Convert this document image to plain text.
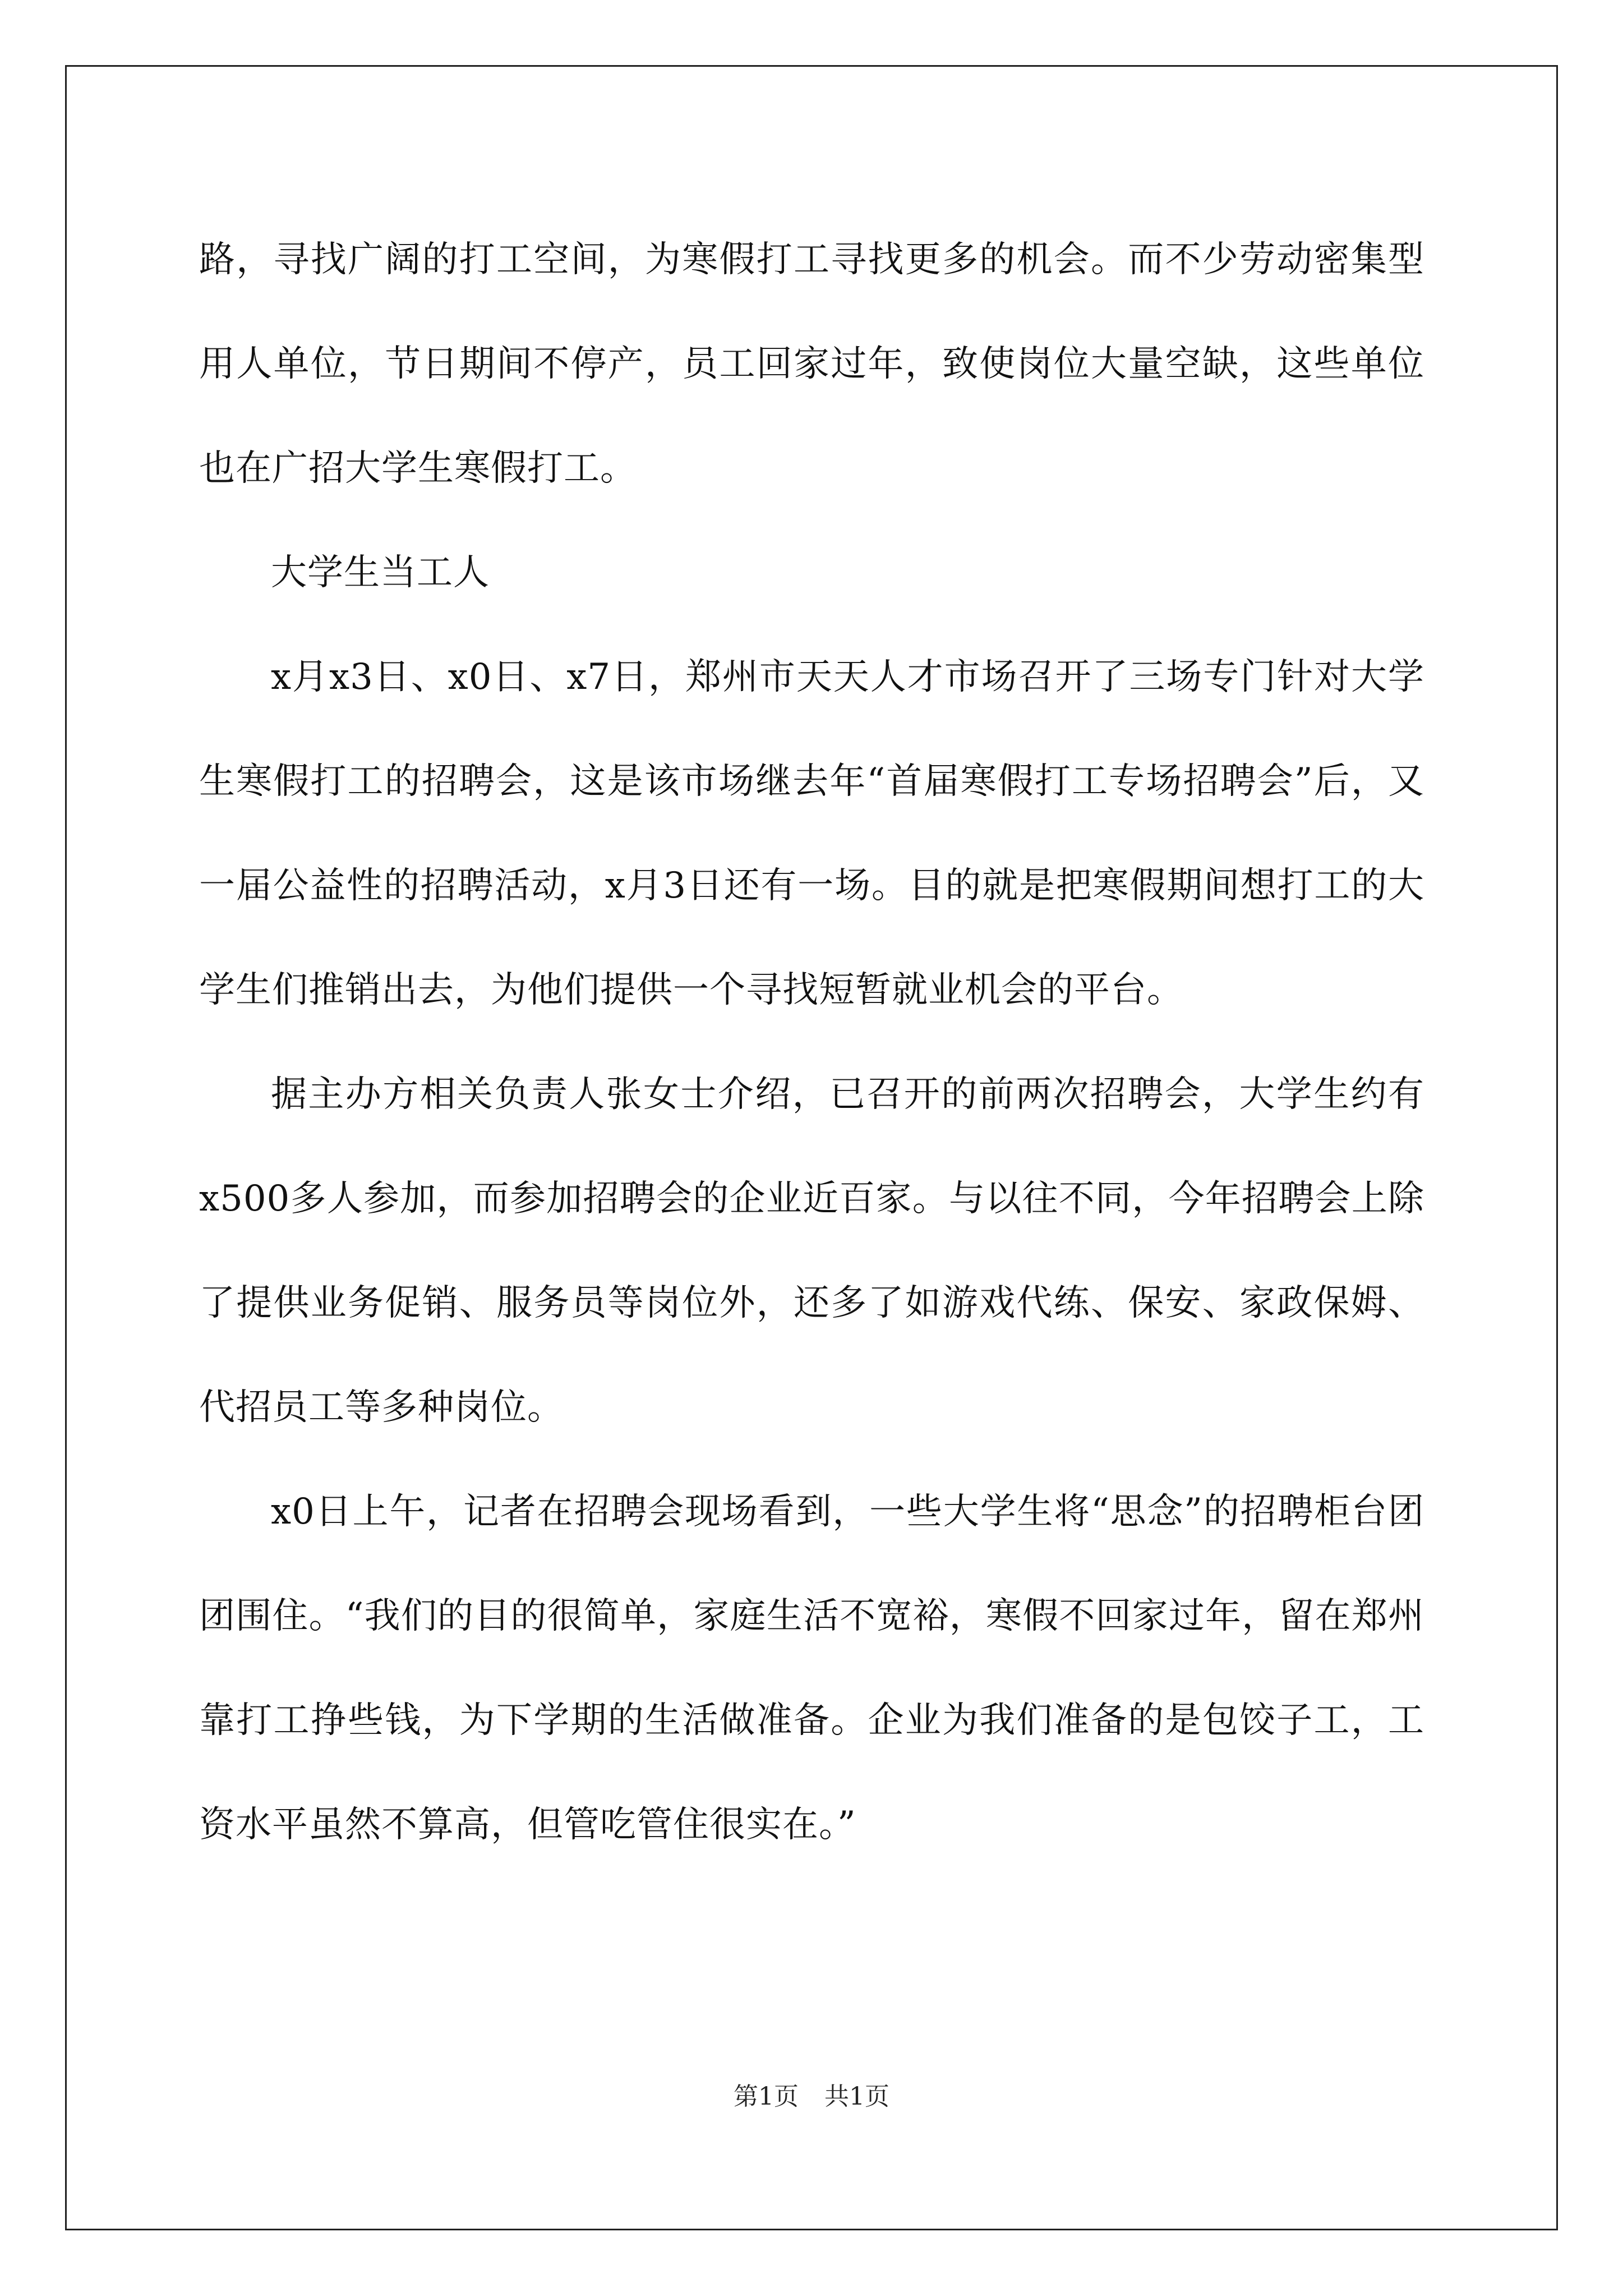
路，寻找广阔的打工空间，为寒假打工寻找更多的机会。而不少劳动密集型用人单位，节日期间不停产，员工回家过年，致使岗位大量空缺，这些单位也在广招大学生寒假打工。

大学生当工人

x月x3日、x0日、x7日，郑州市天天人才市场召开了三场专门针对大学生寒假打工的招聘会，这是该市场继去年“首届寒假打工专场招聘会”后，又一届公益性的招聘活动，x月3日还有一场。目的就是把寒假期间想打工的大学生们推销出去，为他们提供一个寻找短暂就业机会的平台。

据主办方相关负责人张女士介绍，已召开的前两次招聘会，大学生约有x500多人参加，而参加招聘会的企业近百家。与以往不同，今年招聘会上除了提供业务促销、服务员等岗位外，还多了如游戏代练、保安、家政保姆、代招员工等多种岗位。

x0日上午，记者在招聘会现场看到，一些大学生将“思念”的招聘柜台团团围住。“我们的目的很简单，家庭生活不宽裕，寒假不回家过年，留在郑州靠打工挣些钱，为下学期的生活做准备。企业为我们准备的是包饺子工，工资水平虽然不算高，但管吃管住很实在。”

第1页 共1页
